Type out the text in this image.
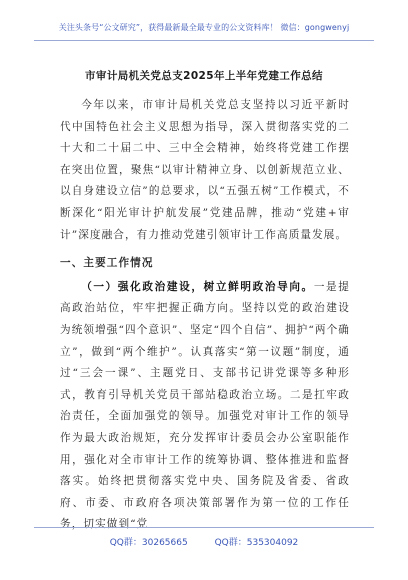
关注头条号“公文研究”，获得最新最全最专业的公文资料库！ 微信：gongwenyj
市审计局机关党总支2025年上半年党建工作总结

今年以来，市审计局机关党总支坚持以习近平新时代中国特色社会主义思想为指导，深入贯彻落实党的二十大和二十届二中、三中全会精神，始终将党建工作摆在突出位置，聚焦“以审计精神立身、以创新规范立业、以自身建设立信”的总要求，以“五强五树”工作模式，不断深化“阳光审计护航发展”党建品牌，推动“党建+审计”深度融合，有力推动党建引领审计工作高质量发展。

一、主要工作情况

（一）强化政治建设，树立鲜明政治导向。一是提高政治站位，牢牢把握正确方向。坚持以党的政治建设为统领增强“四个意识”、坚定“四个自信”、拥护“两个确立”，做到“两个维护”。认真落实“第一议题”制度，通过“三会一课”、主题党日、支部书记讲党课等多种形式，教育引导机关党员干部站稳政治立场。二是扛牢政治责任，全面加强党的领导。加强党对审计工作的领导作为最大政治规矩，充分发挥审计委员会办公室职能作用，强化对全市审计工作的统筹协调、整体推进和监督落实。始终把贯彻落实党中央、国务院及省委、省政府、市委、市政府各项决策部署作为第一位的工作任务，切实做到“党

QQ群：30265665	QQ群：535304092
